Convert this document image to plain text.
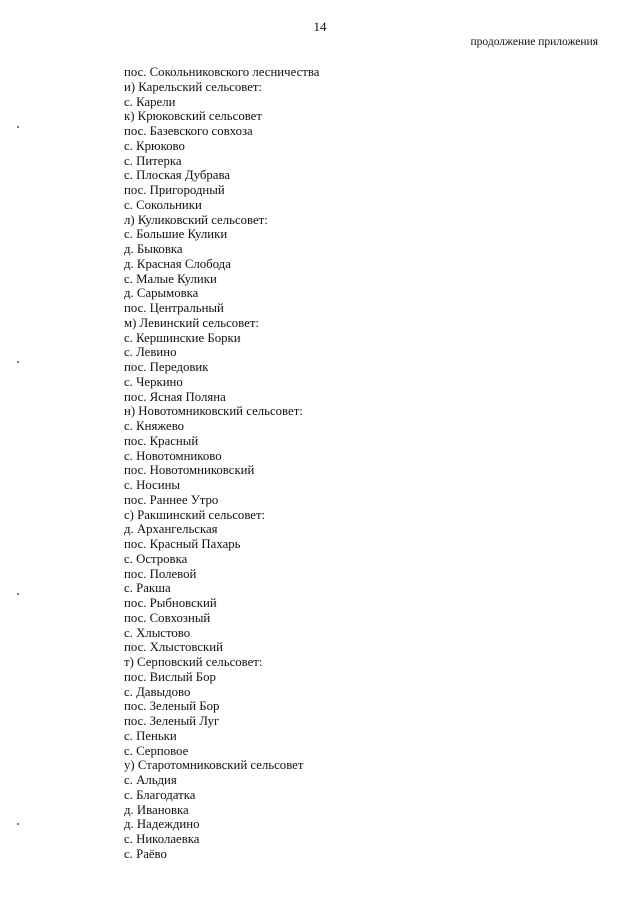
14
продолжение приложения
пос. Сокольниковского лесничества
и) Карельский сельсовет:
с. Карели
к) Крюковский сельсовет
пос. Базевского совхоза
с. Крюково
с. Питерка
с. Плоская Дубрава
пос. Пригородный
с. Сокольники
л) Куликовский сельсовет:
с. Большие Кулики
д. Быковка
д. Красная Слобода
с. Малые Кулики
д. Сарымовка
пос. Центральный
м) Левинский сельсовет:
с. Кершинские Борки
с. Левино
пос. Передовик
с. Черкино
пос. Ясная Поляна
н) Новотомниковский сельсовет:
с. Княжево
пос. Красный
с. Новотомниково
пос. Новотомниковский
с. Носины
пос. Раннее Утро
с) Ракшинский сельсовет:
д. Архангельская
пос. Красный Пахарь
с. Островка
пос. Полевой
с. Ракша
пос. Рыбновский
пос. Совхозный
с. Хлыстово
пос. Хлыстовский
т) Серповский сельсовет:
пос. Вислый Бор
с. Давыдово
пос. Зеленый Бор
пос. Зеленый Луг
с. Пеньки
с. Серповое
у) Старотомниковский сельсовет
с. Альдия
с. Благодатка
д. Ивановка
д. Надеждино
с. Николаевка
с. Раёво
